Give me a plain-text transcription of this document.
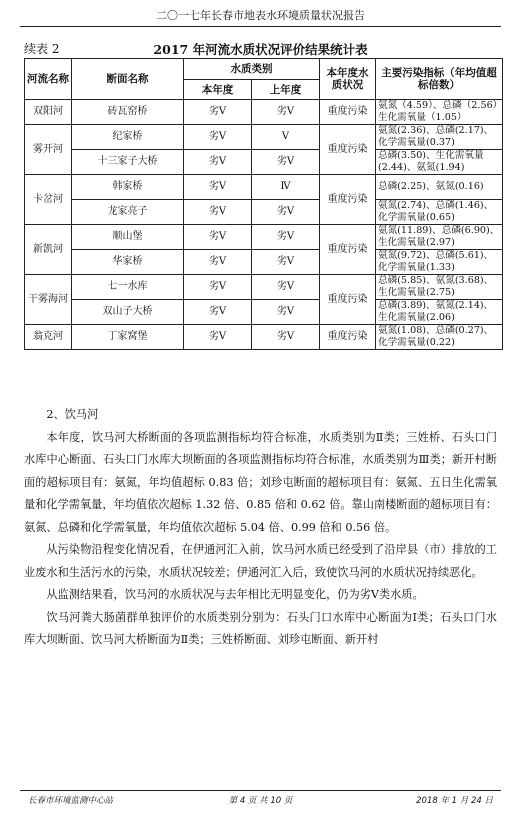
二〇一七年长春市地表水环境质量状况报告
续表 2	2017 年河流水质状况评价结果统计表
河流名称	断面名称	水质类别		本年度水质状况	主要污染指标（年均值超标倍数）
		本年度	上年度		
双阳河	砖瓦窑桥	劣Ⅴ	劣Ⅴ	重度污染	氨氮（4.59）、总磷（2.56）生化需氧量（1.05）
雾开河	纪家桥	劣Ⅴ	Ⅴ	重度污染	氨氮(2.36)、总磷(2.17)、化学需氧量(0.37)
	十三家子大桥	劣Ⅴ	劣Ⅴ		总磷(3.50)、生化需氧量(2.44)、氨氮(1.94)
卡岔河	韩家桥	劣Ⅴ	Ⅳ	重度污染	总磷(2.25)、氨氮(0.16)
	龙家亮子	劣Ⅴ	劣Ⅴ		氨氮(2.74)、总磷(1.46)、化学需氧量(0.65)
新凯河	顺山堡	劣Ⅴ	劣Ⅴ	重度污染	氨氮(11.89)、总磷(6.90)、生化需氧量(2.97)
	华家桥	劣Ⅴ	劣Ⅴ		氨氮(9.72)、总磷(5.61)、化学需氧量(1.33)
干雾海河	七一水库	劣Ⅴ	劣Ⅴ	重度污染	总磷(5.85)、氨氮(3.68)、生化需氧量(2.75)
	双山子大桥	劣Ⅴ	劣Ⅴ		总磷(3.89)、氨氮(2.14)、生化需氧量(2.06)
翁克河	丁家窝堡	劣Ⅴ	劣Ⅴ	重度污染	氨氮(1.08)、总磷(0.27)、化学需氧量(0.22)

2、饮马河

本年度，饮马河大桥断面的各项监测指标均符合标准，水质类别为Ⅱ类；三姓桥、石头口门水库中心断面、石头口门水库大坝断面的各项监测指标均符合标准，水质类别为Ⅲ类；新开村断面的超标项目有：氨氮，年均值超标 0.83 倍；刘珍屯断面的超标项目有：氨氮、五日生化需氧量和化学需氧量，年均值依次超标 1.32 倍、0.85 倍和 0.62 倍。靠山南楼断面的超标项目有：氨氮、总磷和化学需氧量，年均值依次超标 5.04 倍、0.99 倍和 0.56 倍。

从污染物沿程变化情况看，在伊通河汇入前，饮马河水质已经受到了沿岸县（市）排放的工业废水和生活污水的污染，水质状况较差；伊通河汇入后，致使饮马河的水质状况持续恶化。

从监测结果看，饮马河的水质状况与去年相比无明显变化，仍为劣Ⅴ类水质。

饮马河粪大肠菌群单独评价的水质类别分别为：石头门口水库中心断面为Ⅰ类；石头口门水库大坝断面、饮马河大桥断面为Ⅱ类；三姓桥断面、刘珍屯断面、新开村

长春市环境监测中心站	第 4 页 共 10 页	2018 年 1 月 24 日
